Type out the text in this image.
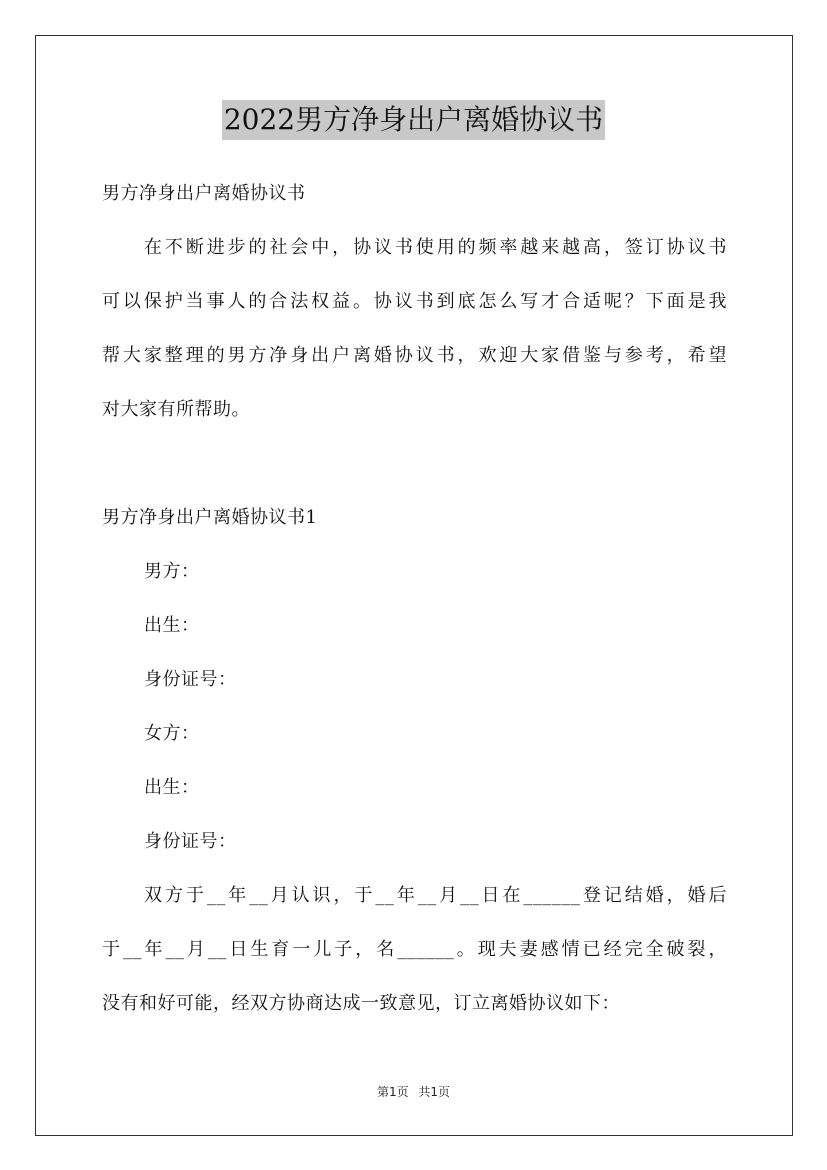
2022男方净身出户离婚协议书
男方净身出户离婚协议书
在不断进步的社会中，协议书使用的频率越来越高，签订协议书
可以保护当事人的合法权益。协议书到底怎么写才合适呢？下面是我
帮大家整理的男方净身出户离婚协议书，欢迎大家借鉴与参考，希望
对大家有所帮助。
男方净身出户离婚协议书1
男方：
出生：
身份证号：
女方：
出生：
身份证号：
双方于__年__月认识，于__年__月__日在______登记结婚，婚后
于__年__月__日生育一儿子，名______。现夫妻感情已经完全破裂，
没有和好可能，经双方协商达成一致意见，订立离婚协议如下：
第1页 共1页
